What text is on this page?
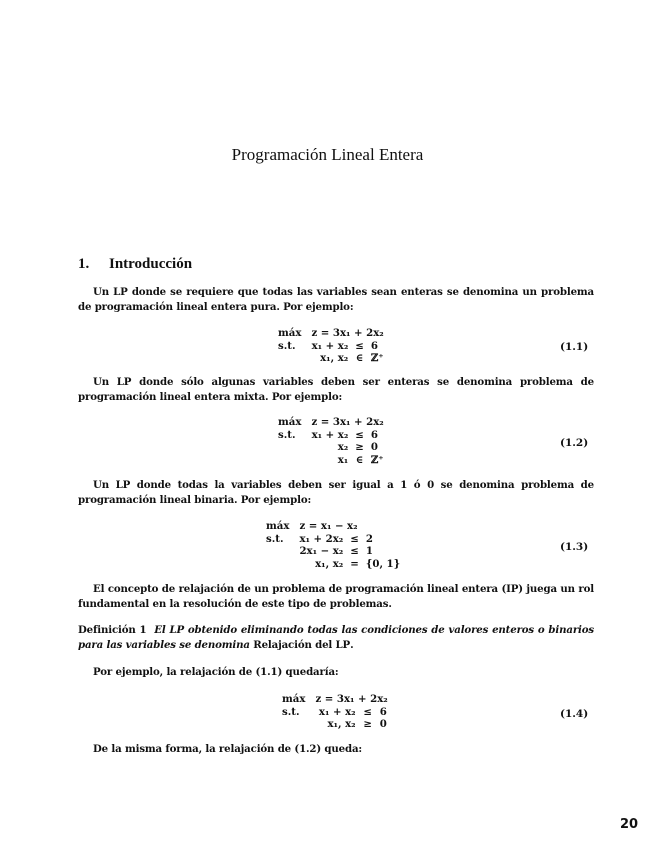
Programación Lineal Entera
1. Introducción
Un LP donde se requiere que todas las variables sean enteras se denomina un problema de programación lineal entera pura. Por ejemplo:
máx	z = 3x₁ + 2x₂		
s.t.	x₁ + x₂	≤	6
	x₁, x₂	∈	ℤ⁺
(1.1)
Un LP donde sólo algunas variables deben ser enteras se denomina problema de programación lineal entera mixta. Por ejemplo:
máx	z = 3x₁ + 2x₂		
s.t.	x₁ + x₂	≤	6
	x₂	≥	0
	x₁	∈	ℤ⁺
(1.2)
Un LP donde todas la variables deben ser igual a 1 ó 0 se denomina problema de programación lineal binaria. Por ejemplo:
máx	z = x₁ − x₂		
s.t.	x₁ + 2x₂	≤	2
	2x₁ − x₂	≤	1
	x₁, x₂	=	{0, 1}
(1.3)
El concepto de relajación de un problema de programación lineal entera (IP) juega un rol fundamental en la resolución de este tipo de problemas.
Definición 1 El LP obtenido eliminando todas las condiciones de valores enteros o binarios para las variables se denomina Relajación del LP.
Por ejemplo, la relajación de (1.1) quedaría:
máx	z = 3x₁ + 2x₂		
s.t.	x₁ + x₂	≤	6
	x₁, x₂	≥	0
(1.4)
De la misma forma, la relajación de (1.2) queda:
20
